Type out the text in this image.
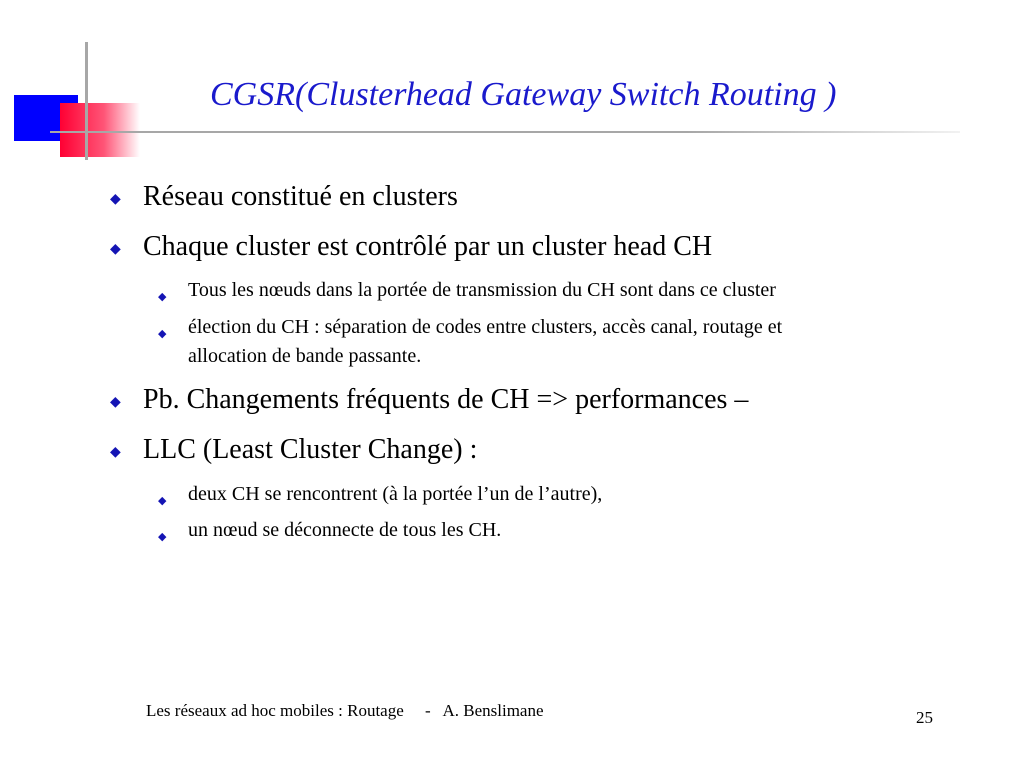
CGSR(Clusterhead Gateway Switch Routing )
◆ Réseau constitué en clusters
◆ Chaque cluster est contrôlé par un cluster head CH
◆ Tous les nœuds dans la portée de transmission du CH sont dans ce cluster
◆ élection du CH : séparation de codes entre clusters, accès canal, routage et
allocation de bande passante.
◆ Pb. Changements fréquents de CH => performances –
◆ LLC (Least Cluster Change) :
◆ deux CH se rencontrent (à la portée l’un de l’autre),
◆ un nœud se déconnecte de tous les CH.
Les réseaux ad hoc mobiles : Routage     -   A. Benslimane	25
